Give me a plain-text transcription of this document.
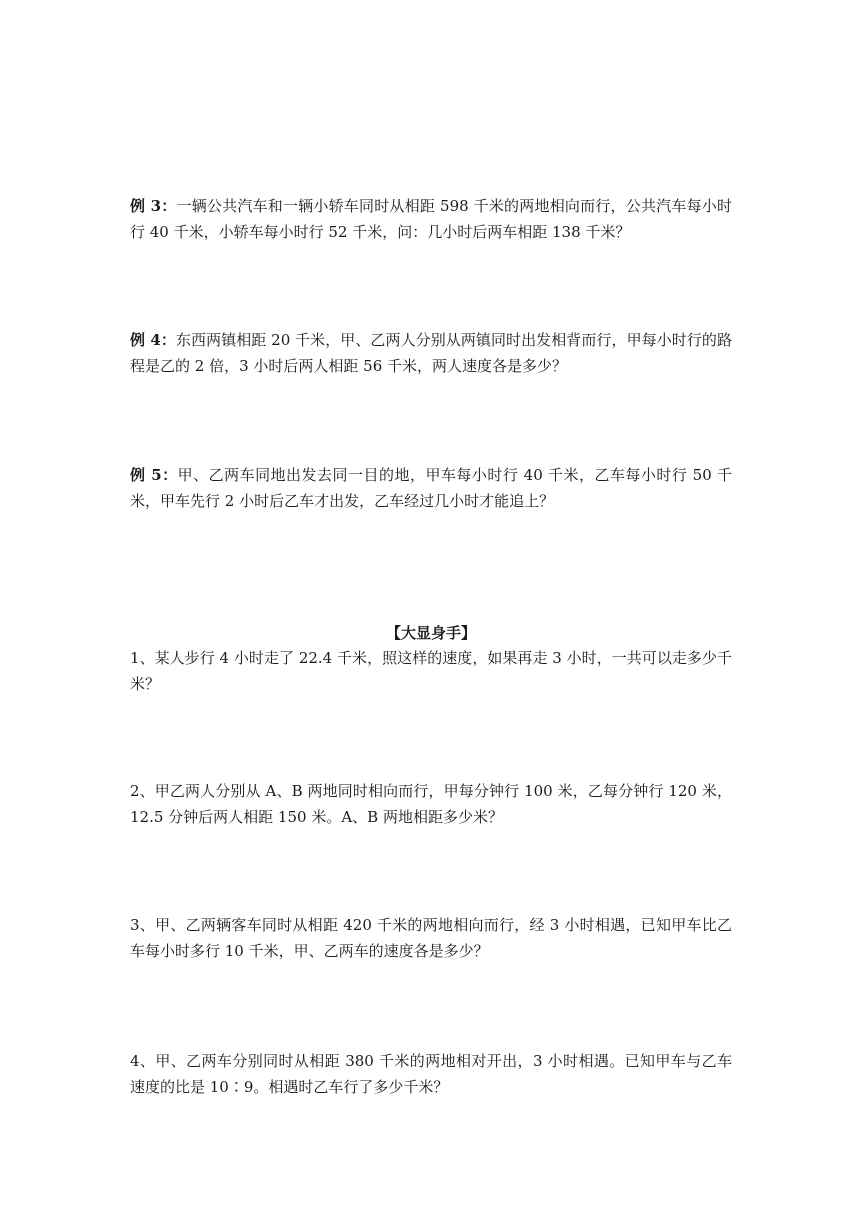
例 3：一辆公共汽车和一辆小轿车同时从相距 598 千米的两地相向而行，公共汽车每小时行 40 千米，小轿车每小时行 52 千米，问：几小时后两车相距 138 千米？
例 4：东西两镇相距 20 千米，甲、乙两人分别从两镇同时出发相背而行，甲每小时行的路程是乙的 2 倍，3 小时后两人相距 56 千米，两人速度各是多少？
例 5：甲、乙两车同地出发去同一目的地，甲车每小时行 40 千米，乙车每小时行 50 千米，甲车先行 2 小时后乙车才出发，乙车经过几小时才能追上？
【大显身手】
1、某人步行 4 小时走了 22.4 千米，照这样的速度，如果再走 3 小时，一共可以走多少千米？
2、甲乙两人分别从 A、B 两地同时相向而行，甲每分钟行 100 米，乙每分钟行 120 米，12.5 分钟后两人相距 150 米。A、B 两地相距多少米？
3、甲、乙两辆客车同时从相距 420 千米的两地相向而行，经 3 小时相遇，已知甲车比乙车每小时多行 10 千米，甲、乙两车的速度各是多少？
4、甲、乙两车分别同时从相距 380 千米的两地相对开出，3 小时相遇。已知甲车与乙车速度的比是 10∶9。相遇时乙车行了多少千米？
